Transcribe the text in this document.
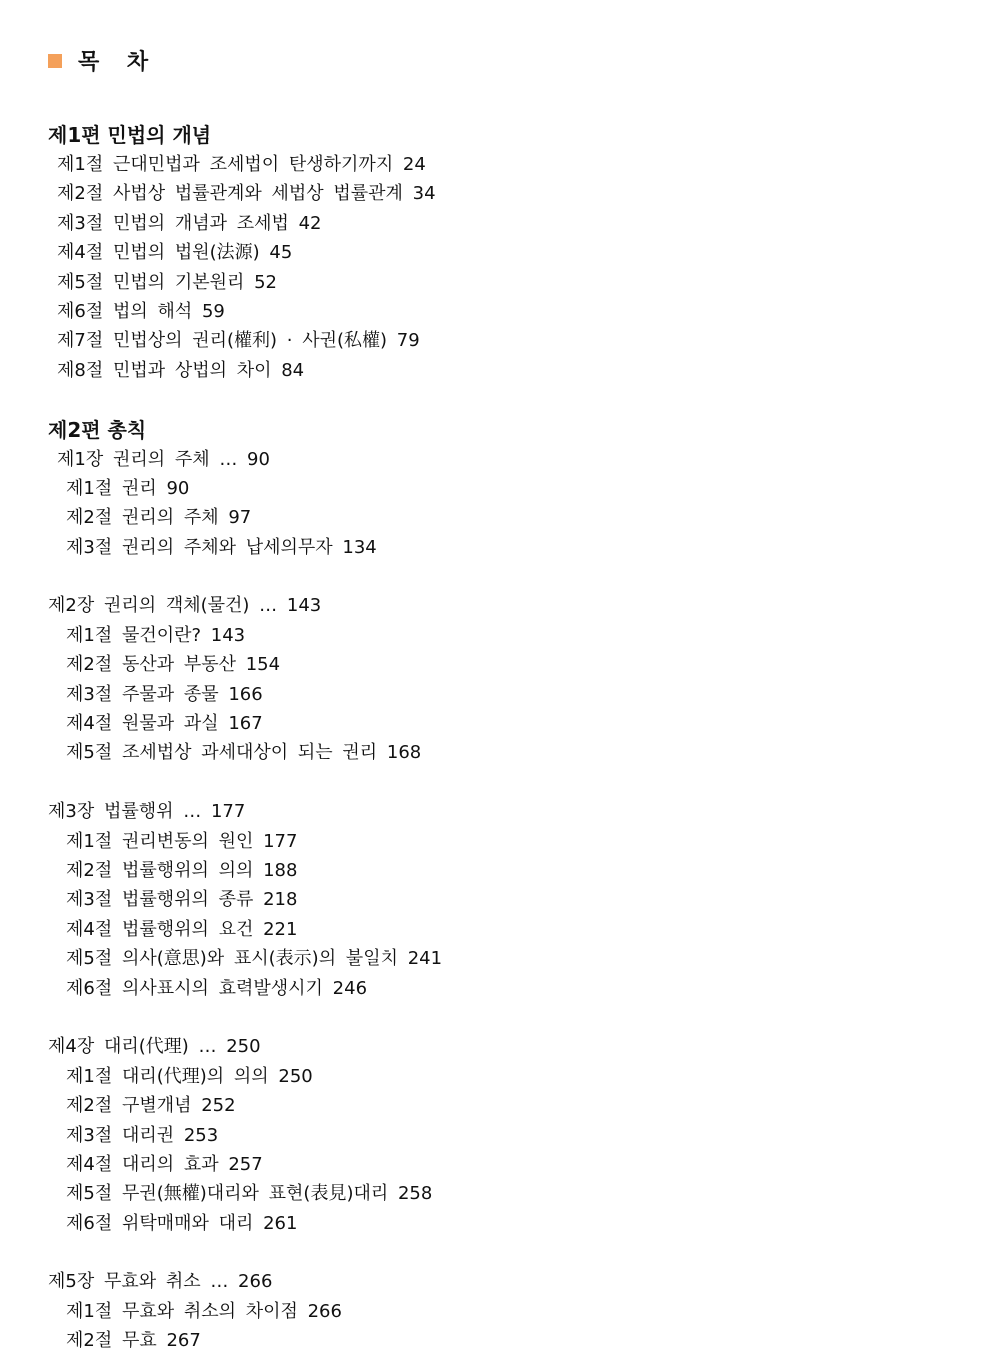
목 차
제1편 민법의 개념
제1절 근대민법과 조세법이 탄생하기까지 24
제2절 사법상 법률관계와 세법상 법률관계 34
제3절 민법의 개념과 조세법 42
제4절 민법의 법원(法源) 45
제5절 민법의 기본원리 52
제6절 법의 해석 59
제7절 민법상의 권리(權利) · 사권(私權) 79
제8절 민법과 상법의 차이 84
제2편 총칙
제1장 권리의 주체 … 90
제1절 권리 90
제2절 권리의 주체 97
제3절 권리의 주체와 납세의무자 134
제2장 권리의 객체(물건) … 143
제1절 물건이란? 143
제2절 동산과 부동산 154
제3절 주물과 종물 166
제4절 원물과 과실 167
제5절 조세법상 과세대상이 되는 권리 168
제3장 법률행위 … 177
제1절 권리변동의 원인 177
제2절 법률행위의 의의 188
제3절 법률행위의 종류 218
제4절 법률행위의 요건 221
제5절 의사(意思)와 표시(表示)의 불일치 241
제6절 의사표시의 효력발생시기 246
제4장 대리(代理) … 250
제1절 대리(代理)의 의의 250
제2절 구별개념 252
제3절 대리권 253
제4절 대리의 효과 257
제5절 무권(無權)대리와 표현(表見)대리 258
제6절 위탁매매와 대리 261
제5장 무효와 취소 … 266
제1절 무효와 취소의 차이점 266
제2절 무효 267
